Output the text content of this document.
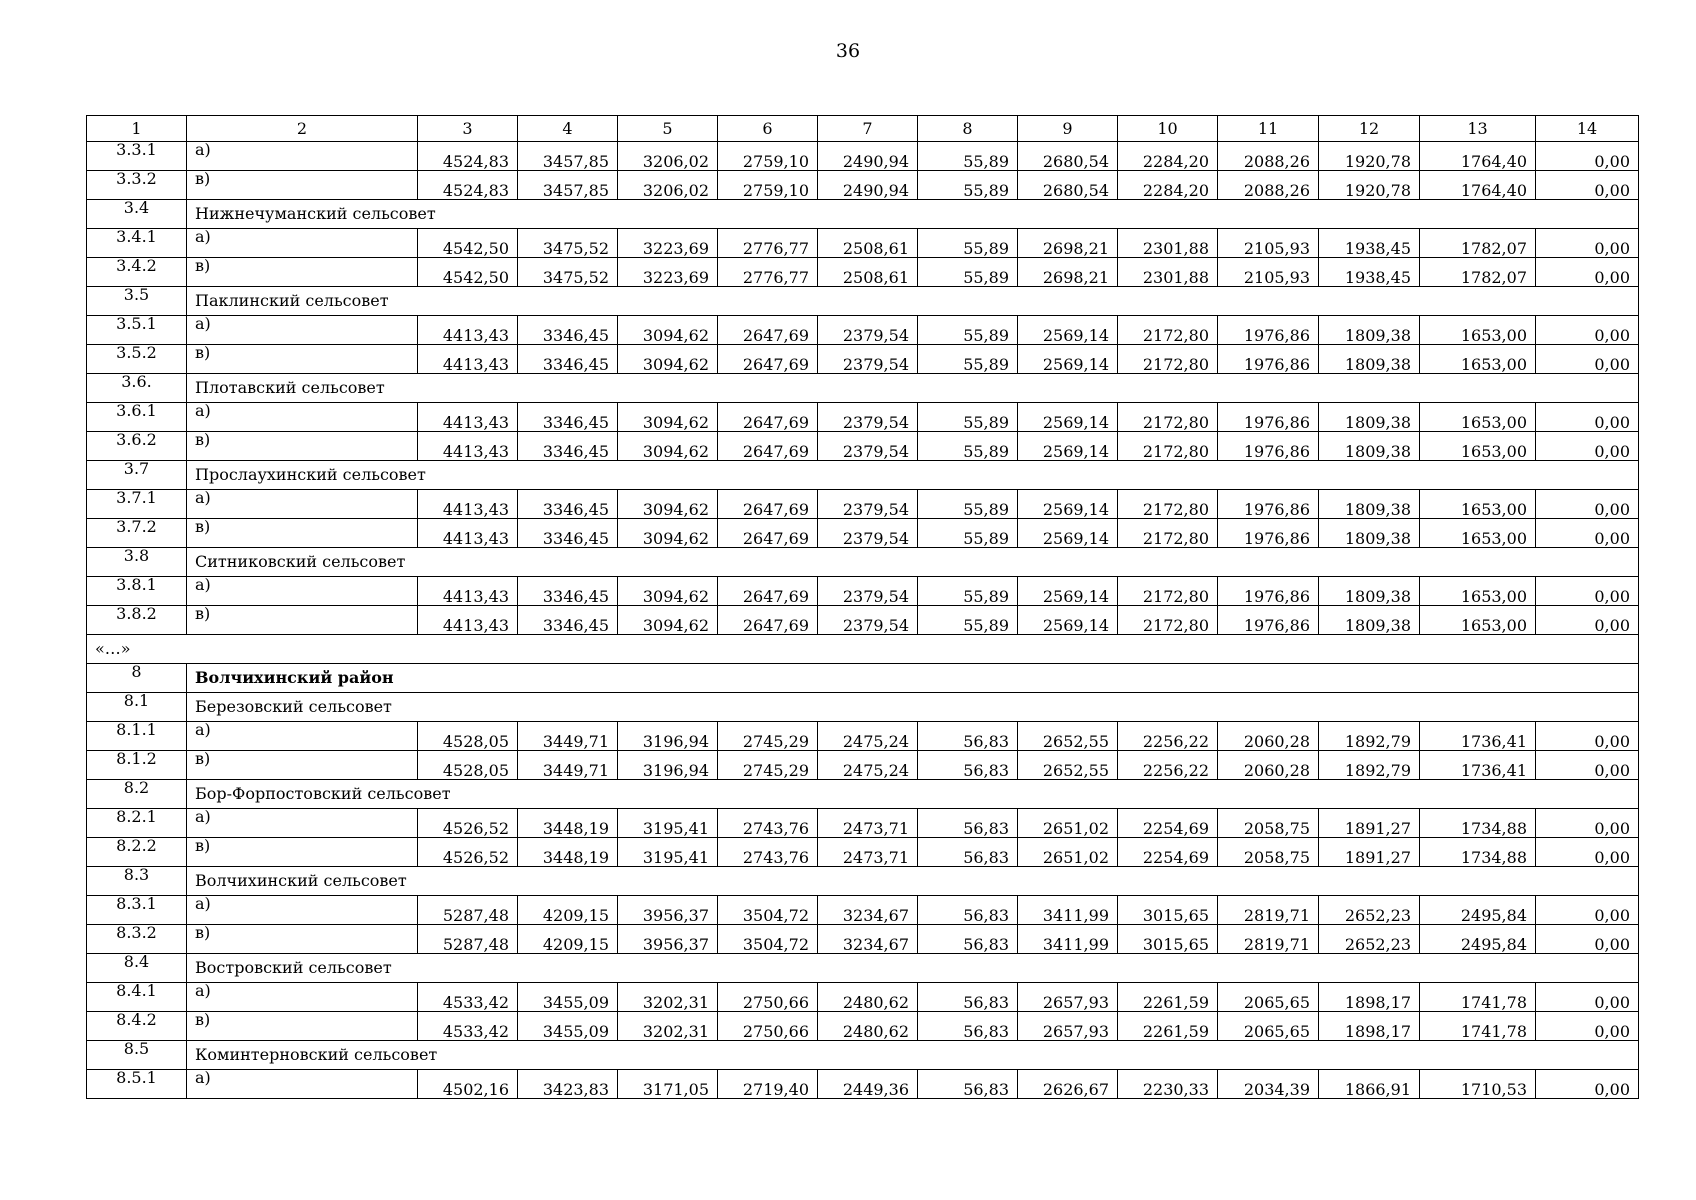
36
1	2	3	4	5	6	7	8	9	10	11	12	13	14
3.3.1	а)	4524,83	3457,85	3206,02	2759,10	2490,94	55,89	2680,54	2284,20	2088,26	1920,78	1764,40	0,00
3.3.2	в)	4524,83	3457,85	3206,02	2759,10	2490,94	55,89	2680,54	2284,20	2088,26	1920,78	1764,40	0,00
3.4	Нижнечуманский сельсовет												
3.4.1	а)	4542,50	3475,52	3223,69	2776,77	2508,61	55,89	2698,21	2301,88	2105,93	1938,45	1782,07	0,00
3.4.2	в)	4542,50	3475,52	3223,69	2776,77	2508,61	55,89	2698,21	2301,88	2105,93	1938,45	1782,07	0,00
3.5	Паклинский сельсовет												
3.5.1	а)	4413,43	3346,45	3094,62	2647,69	2379,54	55,89	2569,14	2172,80	1976,86	1809,38	1653,00	0,00
3.5.2	в)	4413,43	3346,45	3094,62	2647,69	2379,54	55,89	2569,14	2172,80	1976,86	1809,38	1653,00	0,00
3.6.	Плотавский сельсовет												
3.6.1	а)	4413,43	3346,45	3094,62	2647,69	2379,54	55,89	2569,14	2172,80	1976,86	1809,38	1653,00	0,00
3.6.2	в)	4413,43	3346,45	3094,62	2647,69	2379,54	55,89	2569,14	2172,80	1976,86	1809,38	1653,00	0,00
3.7	Прослаухинский сельсовет												
3.7.1	а)	4413,43	3346,45	3094,62	2647,69	2379,54	55,89	2569,14	2172,80	1976,86	1809,38	1653,00	0,00
3.7.2	в)	4413,43	3346,45	3094,62	2647,69	2379,54	55,89	2569,14	2172,80	1976,86	1809,38	1653,00	0,00
3.8	Ситниковский сельсовет												
3.8.1	а)	4413,43	3346,45	3094,62	2647,69	2379,54	55,89	2569,14	2172,80	1976,86	1809,38	1653,00	0,00
3.8.2	в)	4413,43	3346,45	3094,62	2647,69	2379,54	55,89	2569,14	2172,80	1976,86	1809,38	1653,00	0,00
«…»													
8	Волчихинский район												
8.1	Березовский сельсовет												
8.1.1	а)	4528,05	3449,71	3196,94	2745,29	2475,24	56,83	2652,55	2256,22	2060,28	1892,79	1736,41	0,00
8.1.2	в)	4528,05	3449,71	3196,94	2745,29	2475,24	56,83	2652,55	2256,22	2060,28	1892,79	1736,41	0,00
8.2	Бор-Форпостовский сельсовет												
8.2.1	а)	4526,52	3448,19	3195,41	2743,76	2473,71	56,83	2651,02	2254,69	2058,75	1891,27	1734,88	0,00
8.2.2	в)	4526,52	3448,19	3195,41	2743,76	2473,71	56,83	2651,02	2254,69	2058,75	1891,27	1734,88	0,00
8.3	Волчихинский сельсовет												
8.3.1	а)	5287,48	4209,15	3956,37	3504,72	3234,67	56,83	3411,99	3015,65	2819,71	2652,23	2495,84	0,00
8.3.2	в)	5287,48	4209,15	3956,37	3504,72	3234,67	56,83	3411,99	3015,65	2819,71	2652,23	2495,84	0,00
8.4	Востровский сельсовет												
8.4.1	а)	4533,42	3455,09	3202,31	2750,66	2480,62	56,83	2657,93	2261,59	2065,65	1898,17	1741,78	0,00
8.4.2	в)	4533,42	3455,09	3202,31	2750,66	2480,62	56,83	2657,93	2261,59	2065,65	1898,17	1741,78	0,00
8.5	Коминтерновский сельсовет												
8.5.1	а)	4502,16	3423,83	3171,05	2719,40	2449,36	56,83	2626,67	2230,33	2034,39	1866,91	1710,53	0,00
